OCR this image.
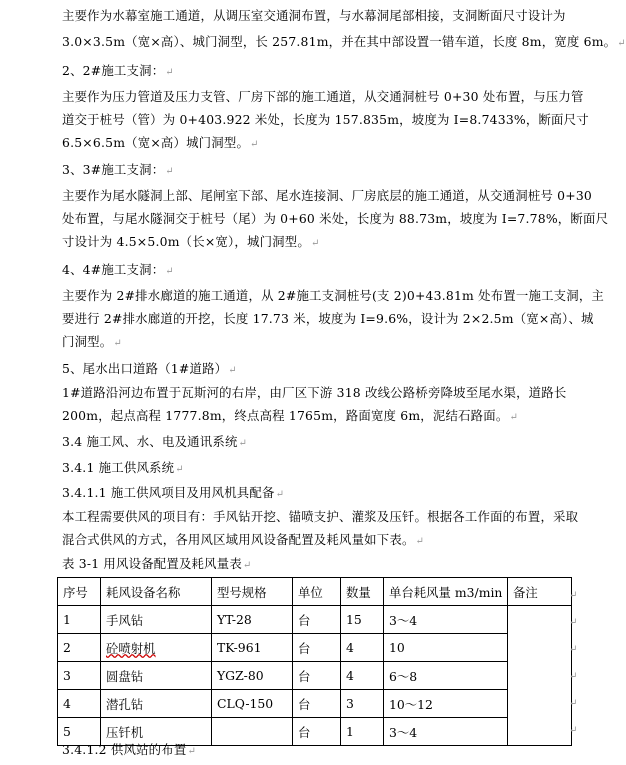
主要作为水幕室施工通道，从调压室交通洞布置，与水幕洞尾部相接，支洞断面尺寸设计为
3.0×3.5m（宽×高）、城门洞型，长 257.81m，并在其中部设置一错车道，长度 8m，宽度 6m。↵
2、2#施工支洞：↵
主要作为压力管道及压力支管、厂房下部的施工通道，从交通洞桩号 0+30 处布置，与压力管
道交于桩号（管）为 0+403.922 米处，长度为 157.835m，坡度为 I=8.7433%，断面尺寸
6.5×6.5m（宽×高）城门洞型。↵
3、3#施工支洞：↵
主要作为尾水隧洞上部、尾闸室下部、尾水连接洞、厂房底层的施工通道，从交通洞桩号 0+30
处布置，与尾水隧洞交于桩号（尾）为 0+60 米处，长度为 88.73m，坡度为 I=7.78%，断面尺
寸设计为 4.5×5.0m（长×宽），城门洞型。↵
4、4#施工支洞：↵
主要作为 2#排水廊道的施工通道，从 2#施工支洞桩号(支 2)0+43.81m 处布置一施工支洞，主
要进行 2#排水廊道的开挖，长度 17.73 米，坡度为 I=9.6%，设计为 2×2.5m（宽×高）、城
门洞型。↵
5、尾水出口道路（1#道路）↵
1#道路沿河边布置于瓦斯河的右岸，由厂区下游 318 改线公路桥旁降坡至尾水渠，道路长
200m，起点高程 1777.8m，终点高程 1765m，路面宽度 6m，泥结石路面。↵
3.4 施工风、水、电及通讯系统↵
3.4.1 施工供风系统↵
3.4.1.1 施工供风项目及用风机具配备↵
本工程需要供风的项目有：手风钻开挖、锚喷支护、灌浆及压钎。根据各工作面的布置，采取
混合式供风的方式，各用风区域用风设备配置及耗风量如下表。↵
表 3-1 用风设备配置及耗风量表↵
序号	耗风设备名称	型号规格	单位	数量	单台耗风量 m3/min	备注
1	手风钻	YT-28	台	15	3～4	
2	砼喷射机	TK-961	台	4	10	
3	圆盘钻	YGZ-80	台	4	6～8	
4	潜孔钻	CLQ-150	台	3	10～12	
5	压钎机		台	1	3～4	
↵
↵
↵
↵
↵
↵
3.4.1.2 供风站的布置↵
